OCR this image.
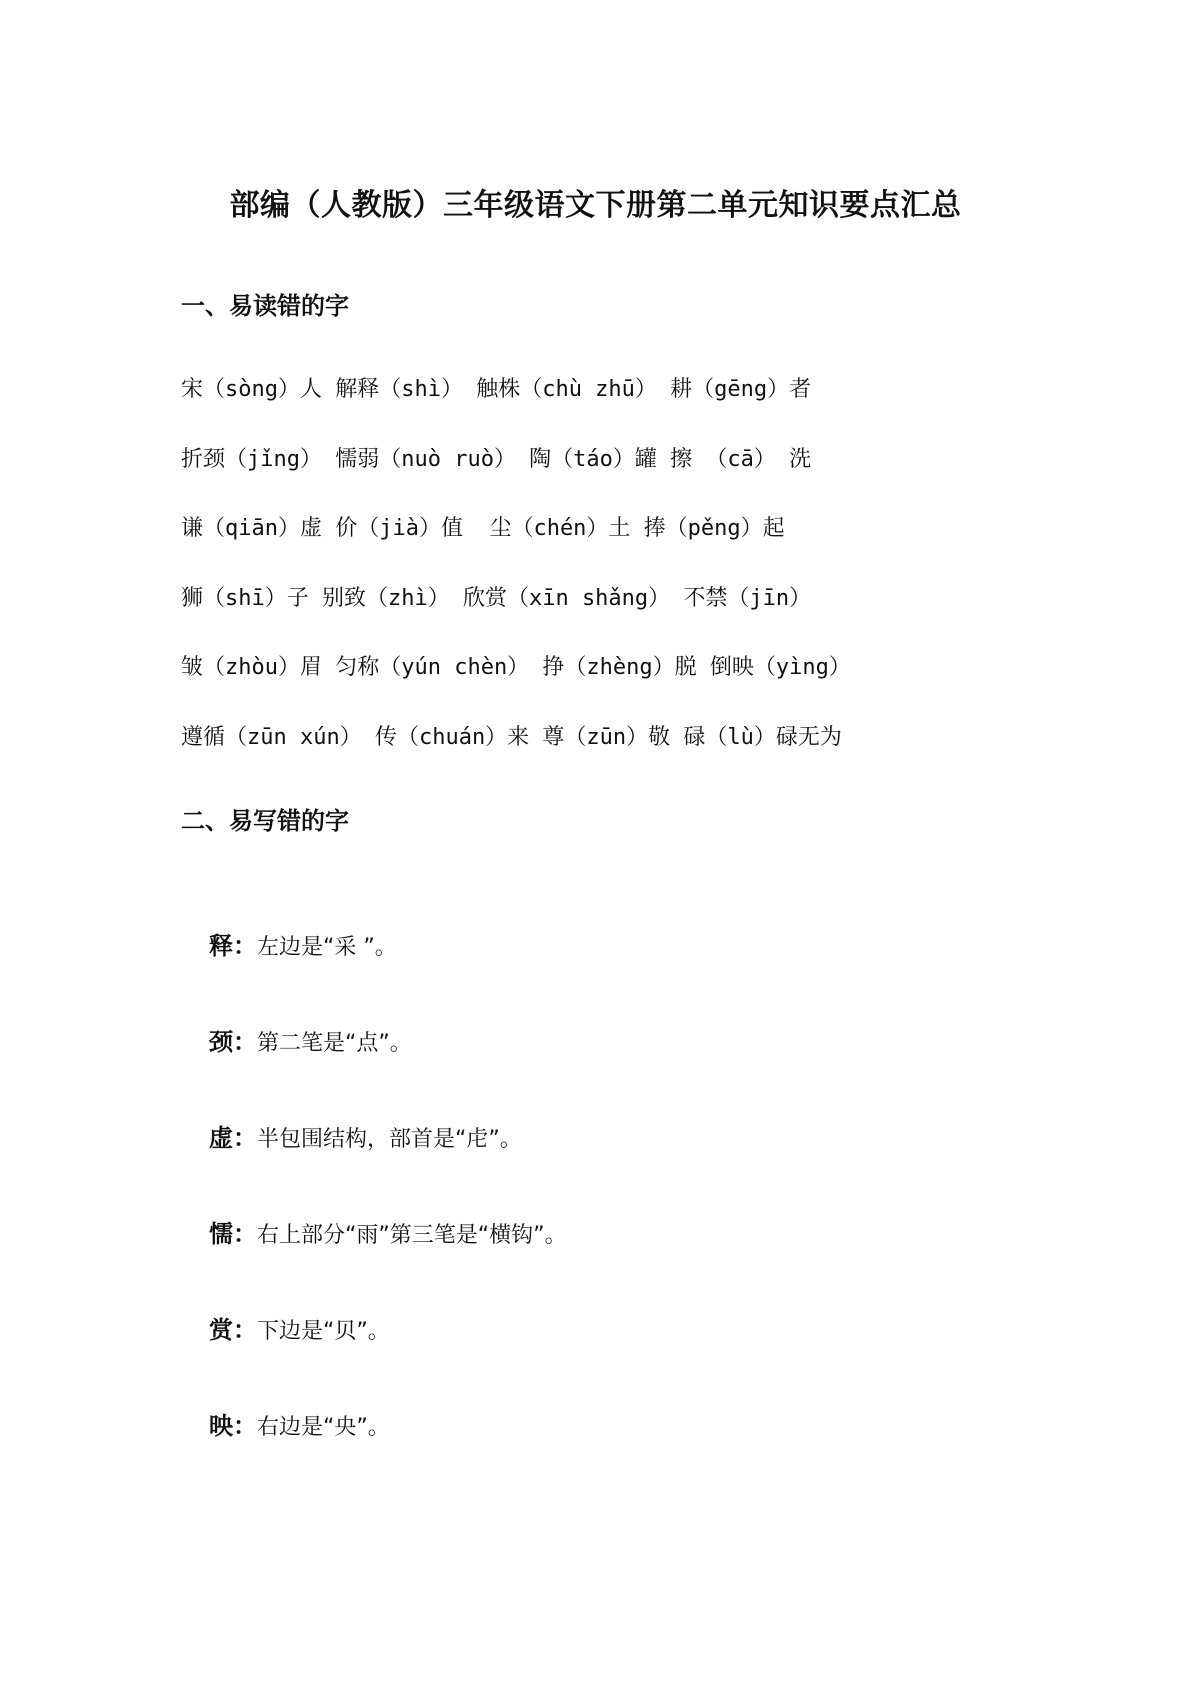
部编（人教版）三年级语文下册第二单元知识要点汇总
一、易读错的字
宋（sòng）人 解释（shì） 触株（chù zhū） 耕（gēng）者
折颈（jǐng） 懦弱（nuò ruò） 陶（táo）罐 擦 （cā） 洗
谦（qiān）虚 价（jià）值  尘（chén）土 捧（pěng）起
狮（shī）子 别致（zhì） 欣赏（xīn shǎng） 不禁（jīn）
皱（zhòu）眉 匀称（yún chèn） 挣（zhèng）脱 倒映（yìng）
遵循（zūn xún） 传（chuán）来 尊（zūn）敬 碌（lù）碌无为
二、易写错的字

释：左边是“采 ”。

颈：第二笔是“点”。

虚：半包围结构，部首是“虍”。

懦：右上部分“雨”第三笔是“横钩”。

赏：下边是“贝”。

映：右边是“央”。
